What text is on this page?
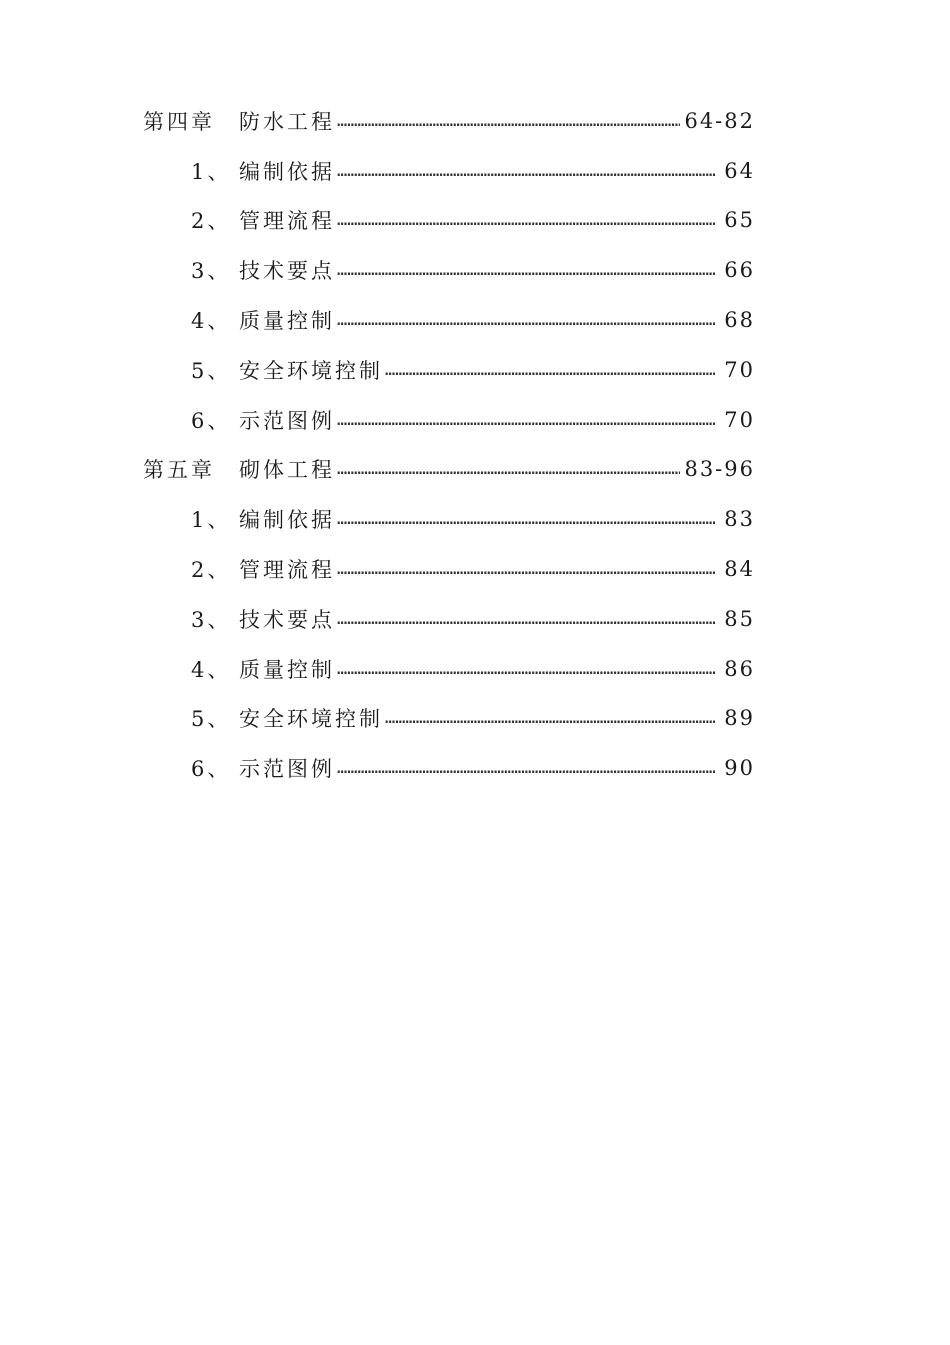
第四章	防水工程 ………………………………………………………………………………………………………………………………………………	64-82
1、 编制依据 ………………………………………………………………………………………………………………………………………………	64
2、 管理流程 ………………………………………………………………………………………………………………………………………………	65
3、 技术要点 ………………………………………………………………………………………………………………………………………………	66
4、 质量控制 ………………………………………………………………………………………………………………………………………………	68
5、 安全环境控制 ………………………………………………………………………………………………………………………………………………	70
6、 示范图例 ………………………………………………………………………………………………………………………………………………	70
第五章	砌体工程 ………………………………………………………………………………………………………………………………………………	83-96
1、 编制依据 ………………………………………………………………………………………………………………………………………………	83
2、 管理流程 ………………………………………………………………………………………………………………………………………………	84
3、 技术要点 ………………………………………………………………………………………………………………………………………………	85
4、 质量控制 ………………………………………………………………………………………………………………………………………………	86
5、 安全环境控制 ………………………………………………………………………………………………………………………………………………	89
6、 示范图例 ………………………………………………………………………………………………………………………………………………	90
